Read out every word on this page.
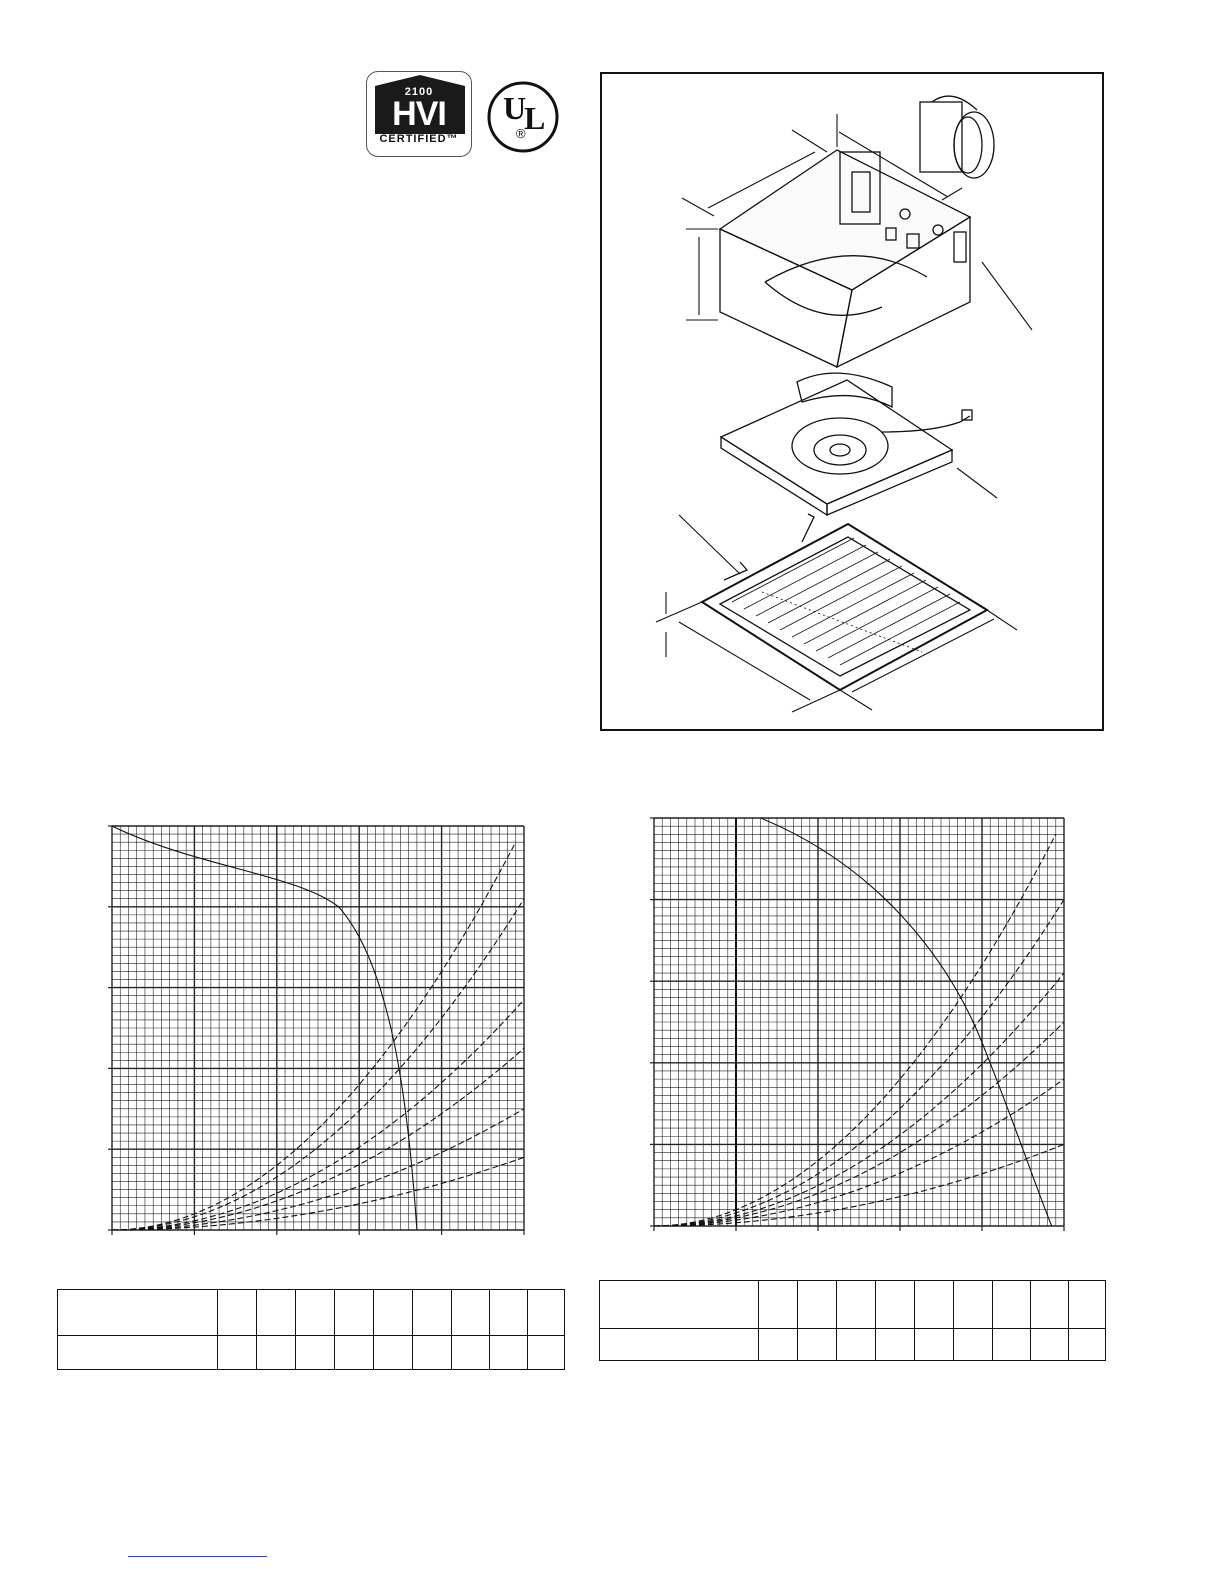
2100
HVI
CERTIFIED™
U
L
®
